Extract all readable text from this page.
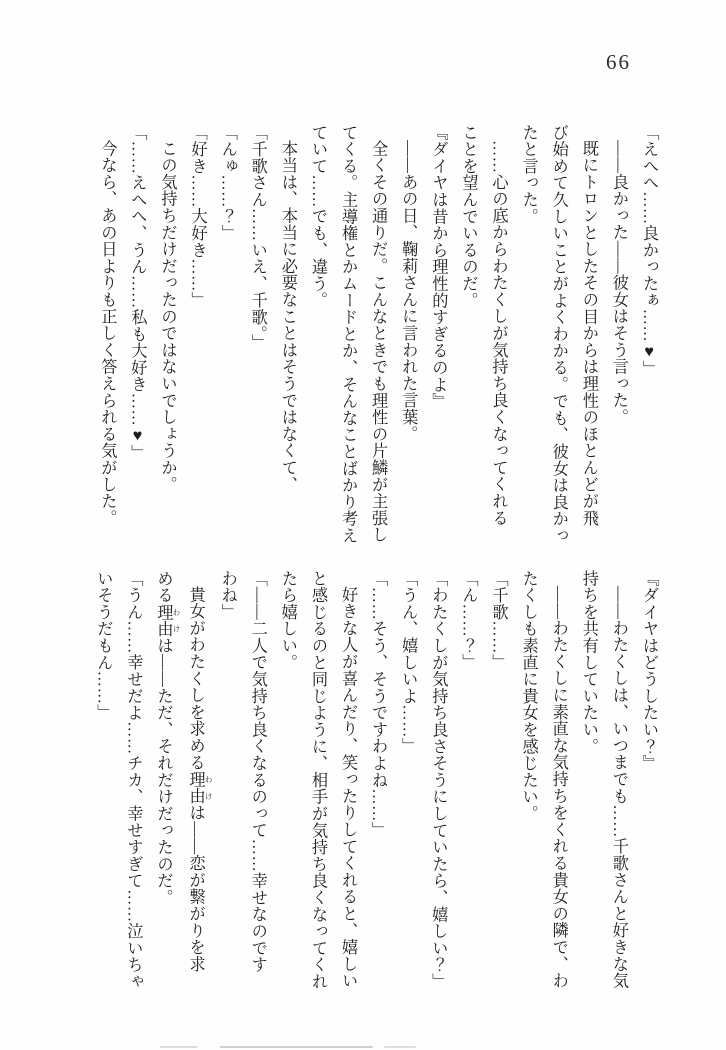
66
「えへへ……良かったぁ……♥」
——良かった——彼女はそう言った。
既にトロンとしたその目からは理性のほとんどが飛
び始めて久しいことがよくわかる。でも、彼女は良かっ
たと言った。
……心の底からわたくしが気持ち良くなってくれる
ことを望んでいるのだ。
『ダイヤは昔から理性的すぎるのよ』
——あの日、鞠莉さんに言われた言葉。
全くその通りだ。こんなときでも理性の片鱗が主張し
てくる。主導権とかムードとか、そんなことばかり考え
ていて……でも、違う。
本当は、本当に必要なことはそうではなくて、
「千歌さん……いえ、千歌。」
「んゅ……？」
「好き……大好き……」
この気持ちだけだったのではないでしょうか。
「……えへへ、うん……私も大好き……♥」
今なら、あの日よりも正しく答えられる気がした。
『ダイヤはどうしたい？』
——わたくしは、いつまでも……千歌さんと好きな気
持ちを共有していたい。
——わたくしに素直な気持ちをくれる貴女の隣で、わ
たくしも素直に貴女を感じたい。
「千歌……」
「ん……？」
「わたくしが気持ち良さそうにしていたら、嬉しい？」
「うん、嬉しいよ……」
「……そう、そうですわよね……」
好きな人が喜んだり、笑ったりしてくれると、嬉しい
と感じるのと同じように、相手が気持ち良くなってくれ
たら嬉しい。
「——二人で気持ち良くなるのって……幸せなのです
わね」
貴女がわたくしを求める理由 わけは——恋が繋がりを求
める理由 わけは——ただ、それだけだったのだ。
「うん……幸せだよ……チカ、幸せすぎて……泣いちゃ
いそうだもん……」
